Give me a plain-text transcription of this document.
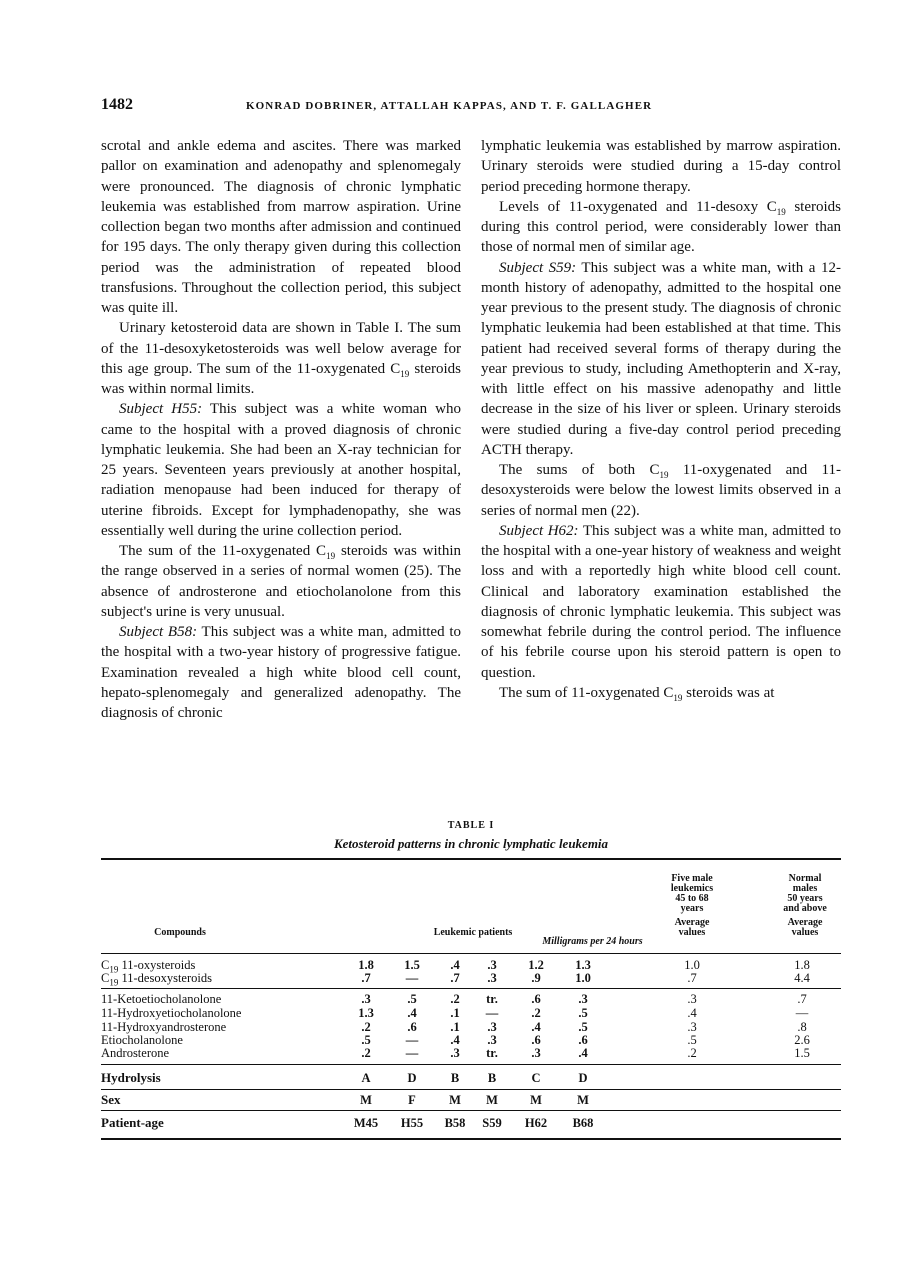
1482	KONRAD DOBRINER, ATTALLAH KAPPAS, AND T. F. GALLAGHER

scrotal and ankle edema and ascites. There was marked pallor on examination and adenopathy and splenomegaly were pronounced. The diagnosis of chronic lymphatic leukemia was established from marrow aspiration. Urine collection began two months after admission and continued for 195 days. The only therapy given during this collection period was the administration of repeated blood transfusions. Throughout the collection period, this subject was quite ill.

Urinary ketosteroid data are shown in Table I. The sum of the 11-desoxyketosteroids was well below average for this age group. The sum of the 11-oxygenated $C_{19}$ steroids was within normal limits.

Subject H55: This subject was a white woman who came to the hospital with a proved diagnosis of chronic lymphatic leukemia. She had been an X-ray technician for 25 years. Seventeen years previously at another hospital, radiation menopause had been induced for therapy of uterine fibroids. Except for lymphadenopathy, she was essentially well during the urine collection period.

The sum of the 11-oxygenated $C_{19}$ steroids was within the range observed in a series of normal women (25). The absence of androsterone and etiocholanolone from this subject's urine is very unusual.

Subject B58: This subject was a white man, admitted to the hospital with a two-year history of progressive fatigue. Examination revealed a high white blood cell count, hepato-splenomegaly and generalized adenopathy. The diagnosis of chronic

lymphatic leukemia was established by marrow aspiration. Urinary steroids were studied during a 15-day control period preceding hormone therapy.

Levels of 11-oxygenated and 11-desoxy $C_{19}$ steroids during this control period, were considerably lower than those of normal men of similar age.

Subject S59: This subject was a white man, with a 12-month history of adenopathy, admitted to the hospital one year previous to the present study. The diagnosis of chronic lymphatic leukemia had been established at that time. This patient had received several forms of therapy during the year previous to study, including Amethopterin and X-ray, with little effect on his massive adenopathy and little decrease in the size of his liver or spleen. Urinary steroids were studied during a five-day control period preceding ACTH therapy.

The sums of both $C_{19}$ 11-oxygenated and 11-desoxysteroids were below the lowest limits observed in a series of normal men (22).

Subject H62: This subject was a white man, admitted to the hospital with a one-year history of weakness and weight loss and with a reportedly high white blood cell count. Clinical and laboratory examination established the diagnosis of chronic lymphatic leukemia. This subject was somewhat febrile during the control period. The influence of his febrile course upon his steroid pattern is open to question.

The sum of 11-oxygenated $C_{19}$ steroids was at

TABLE I
Ketosteroid patterns in chronic lymphatic leukemia
Compounds	Leukemic patients
Milligrams per 24 hours
Five male
leukemics
45 to 68
years
Average
values
Normal
males
50 years
and above
Average
values
$C_{19}$ 11-oxysteroids	1.8	1.5	.4	.3	1.2	1.3	1.0	1.8
$C_{19}$ 11-desoxysteroids	.7	—	.7	.3	.9	1.0	.7	4.4
11-Ketoetiocholanolone	.3	.5	.2	tr.	.6	.3	.3	.7
11-Hydroxyetiocholanolone	1.3	.4	.1	—	.2	.5	.4	—
11-Hydroxyandrosterone	.2	.6	.1	.3	.4	.5	.3	.8
Etiocholanolone	.5	—	.4	.3	.6	.6	.5	2.6
Androsterone	.2	—	.3	tr.	.3	.4	.2	1.5
Hydrolysis	A	D	B	B	C	D
Sex	M	F	M	M	M	M
Patient-age	M45	H55	B58	S59	H62	B68
